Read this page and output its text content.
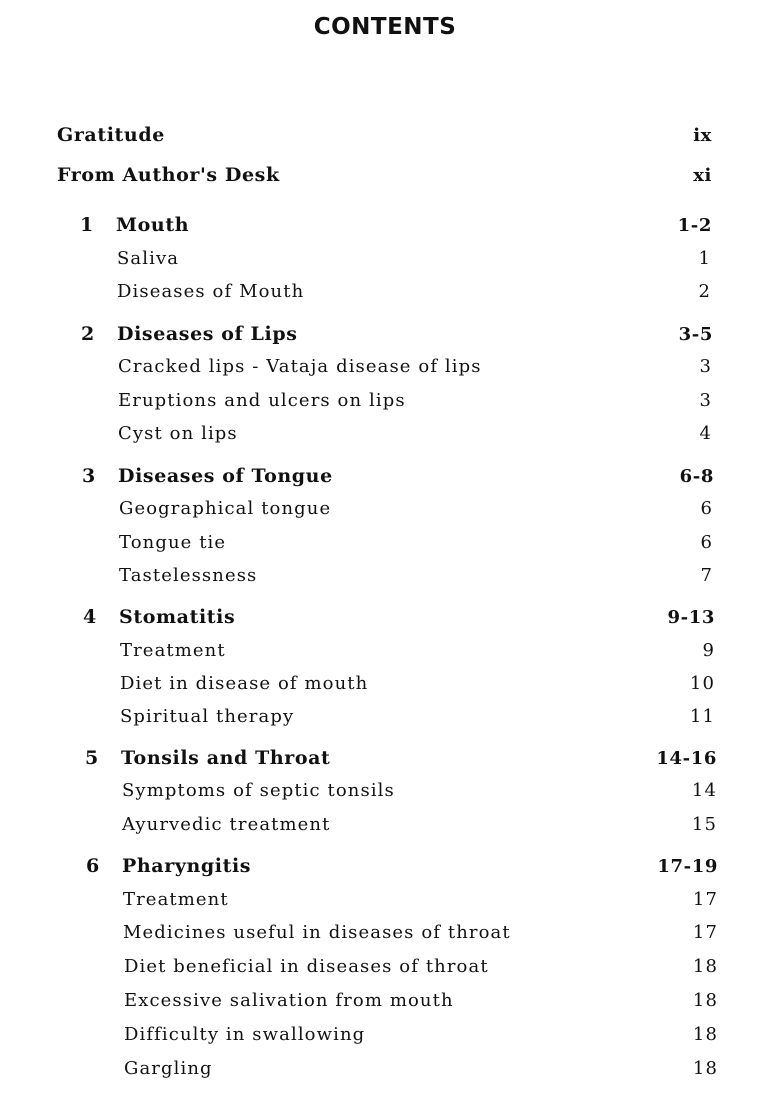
CONTENTS
Gratitude	ix
From Author's Desk	xi
1 Mouth	1-2
Saliva	1
Diseases of Mouth	2
2 Diseases of Lips	3-5
Cracked lips - Vataja disease of lips	3
Eruptions and ulcers on lips	3
Cyst on lips	4
3 Diseases of Tongue	6-8
Geographical tongue	6
Tongue tie	6
Tastelessness	7
4 Stomatitis	9-13
Treatment	9
Diet in disease of mouth	10
Spiritual therapy	11
5 Tonsils and Throat	14-16
Symptoms of septic tonsils	14
Ayurvedic treatment	15
6 Pharyngitis	17-19
Treatment	17
Medicines useful in diseases of throat	17
Diet beneficial in diseases of throat	18
Excessive salivation from mouth	18
Difficulty in swallowing	18
Gargling	18
